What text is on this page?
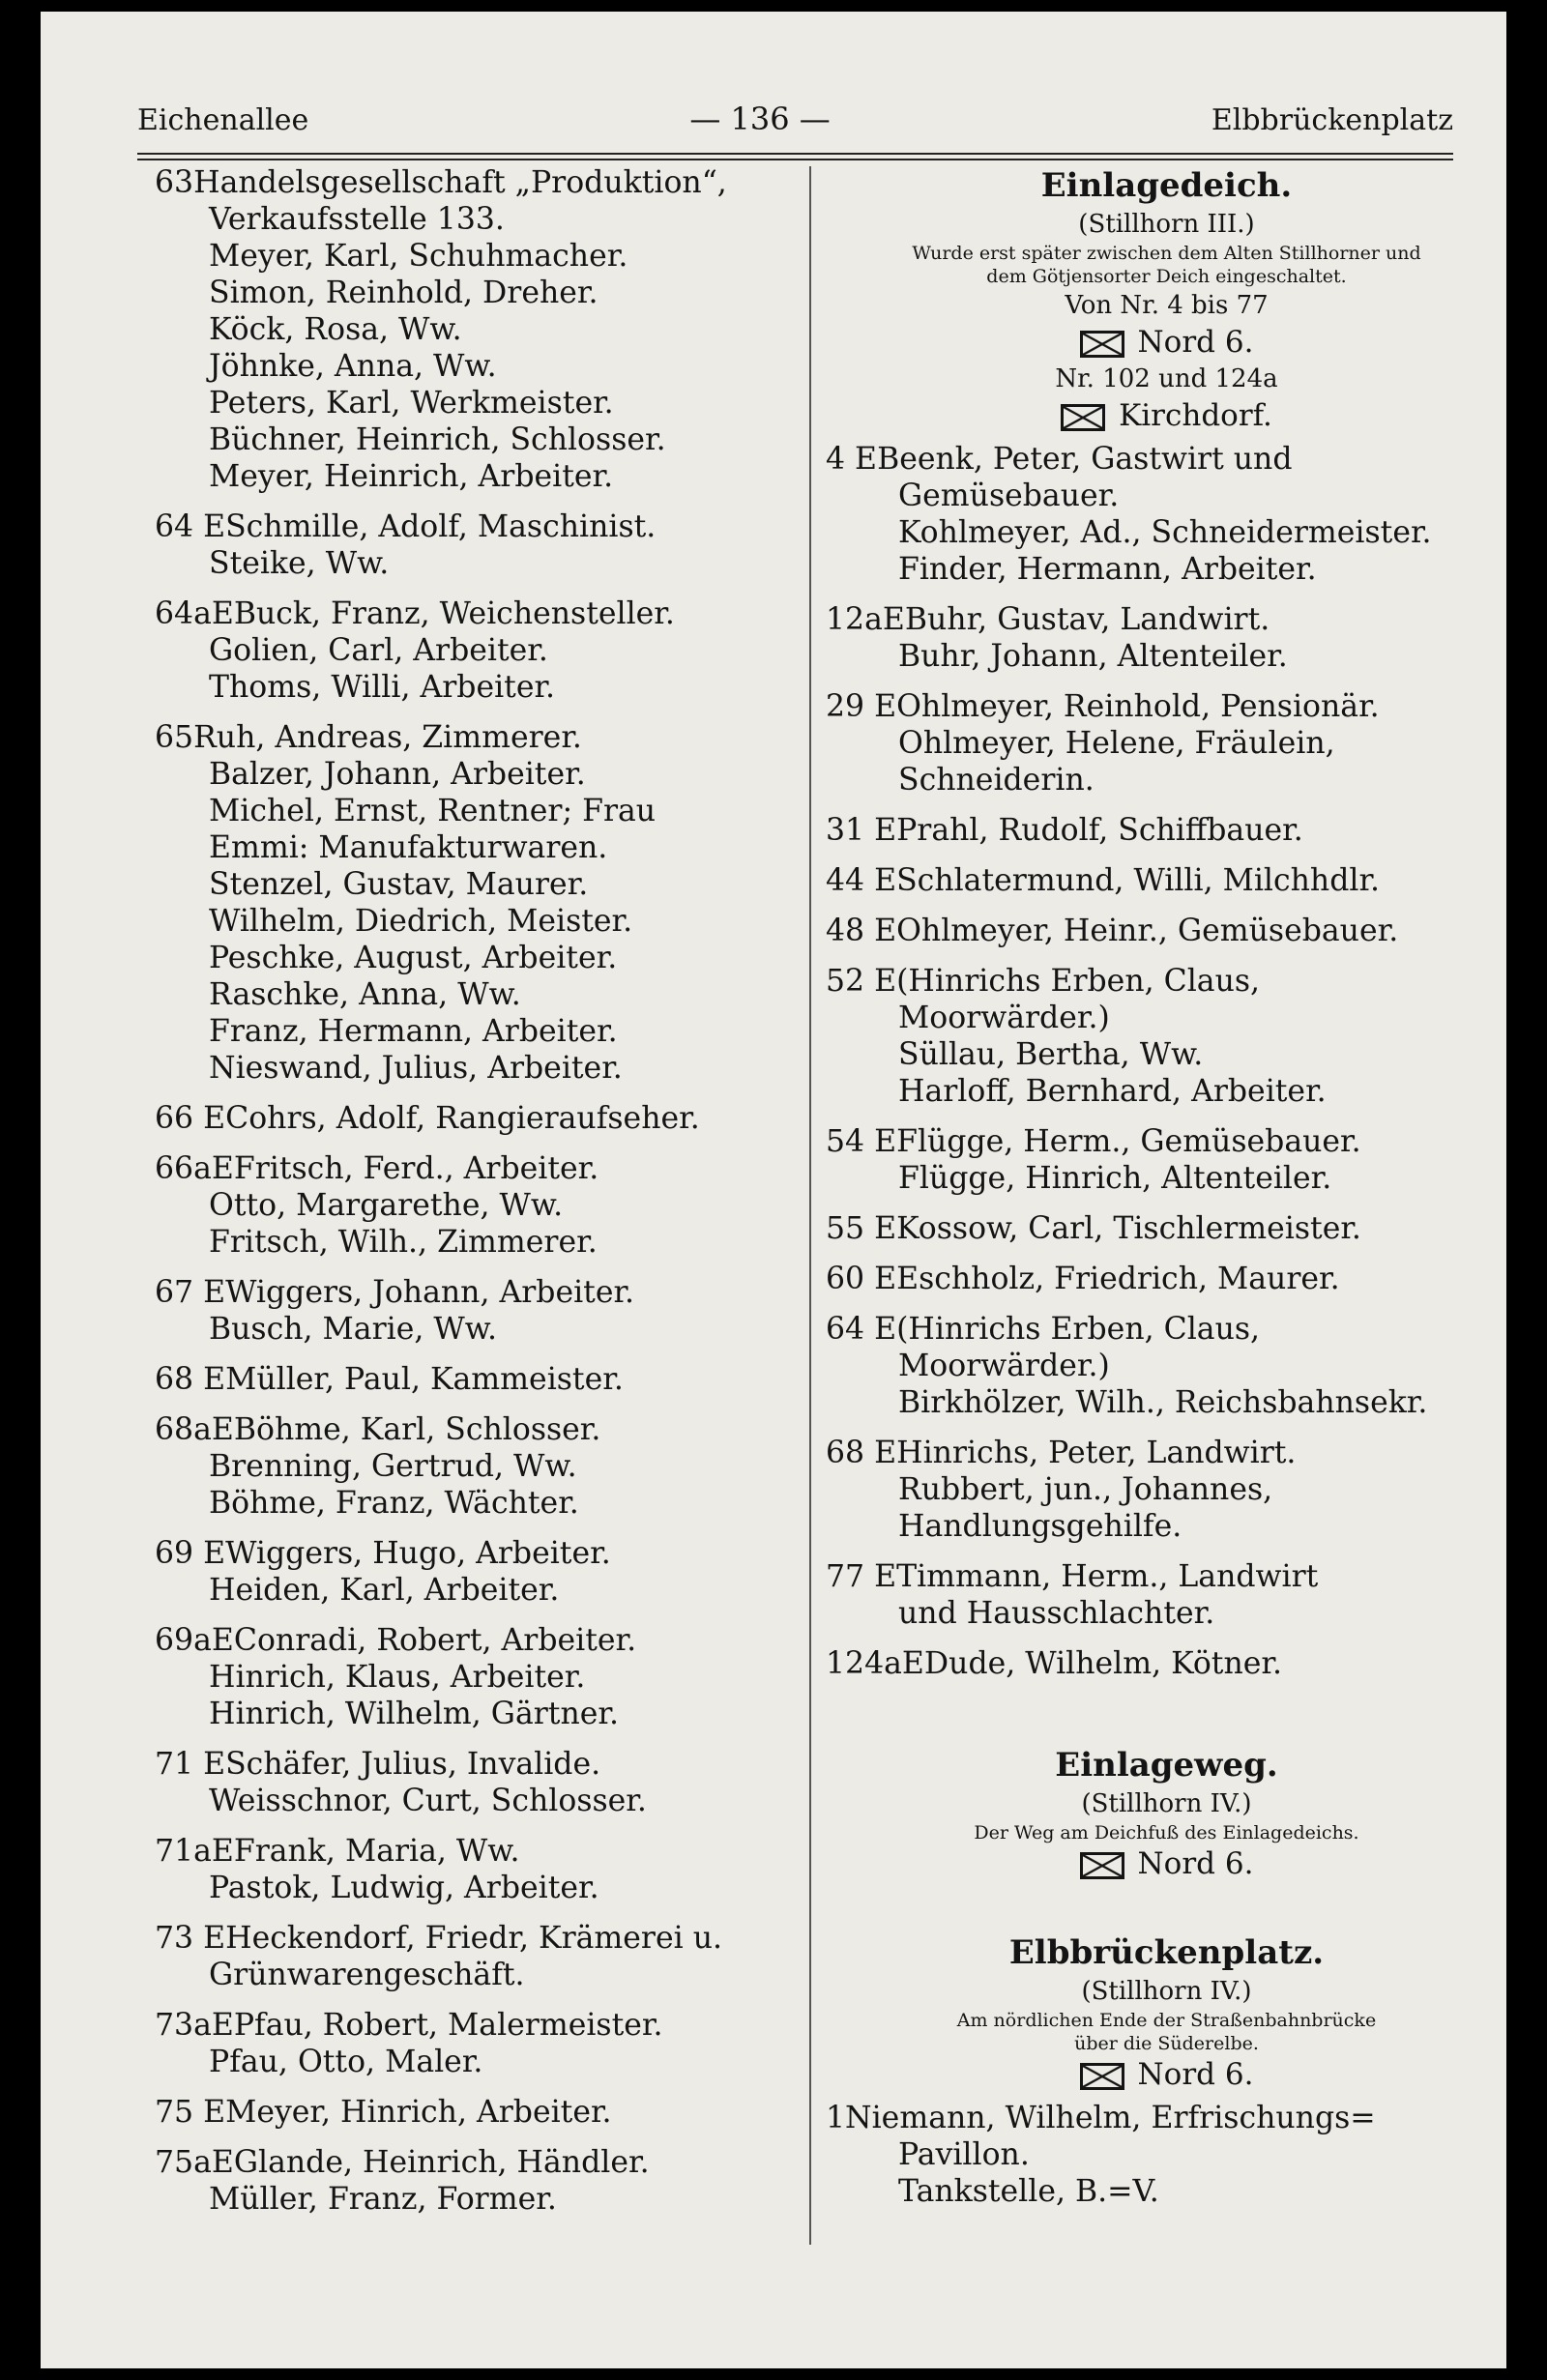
Eichenallee	— 136 —	Elbbrückenplatz
63Handelsgesellschaft „Produktion“,
Verkaufsstelle 133.
Meyer, Karl, Schuhmacher.
Simon, Reinhold, Dreher.
Köck, Rosa, Ww.
Jöhnke, Anna, Ww.
Peters, Karl, Werkmeister.
Büchner, Heinrich, Schlosser.
Meyer, Heinrich, Arbeiter.
64 ESchmille, Adolf, Maschinist.
Steike, Ww.
64aEBuck, Franz, Weichensteller.
Golien, Carl, Arbeiter.
Thoms, Willi, Arbeiter.
65Ruh, Andreas, Zimmerer.
Balzer, Johann, Arbeiter.
Michel, Ernst, Rentner; Frau
Emmi: Manufakturwaren.
Stenzel, Gustav, Maurer.
Wilhelm, Diedrich, Meister.
Peschke, August, Arbeiter.
Raschke, Anna, Ww.
Franz, Hermann, Arbeiter.
Nieswand, Julius, Arbeiter.
66 ECohrs, Adolf, Rangieraufseher.
66aEFritsch, Ferd., Arbeiter.
Otto, Margarethe, Ww.
Fritsch, Wilh., Zimmerer.
67 EWiggers, Johann, Arbeiter.
Busch, Marie, Ww.
68 EMüller, Paul, Kammeister.
68aEBöhme, Karl, Schlosser.
Brenning, Gertrud, Ww.
Böhme, Franz, Wächter.
69 EWiggers, Hugo, Arbeiter.
Heiden, Karl, Arbeiter.
69aEConradi, Robert, Arbeiter.
Hinrich, Klaus, Arbeiter.
Hinrich, Wilhelm, Gärtner.
71 ESchäfer, Julius, Invalide.
Weisschnor, Curt, Schlosser.
71aEFrank, Maria, Ww.
Pastok, Ludwig, Arbeiter.
73 EHeckendorf, Friedr, Krämerei u.
Grünwarengeschäft.
73aEPfau, Robert, Malermeister.
Pfau, Otto, Maler.
75 EMeyer, Hinrich, Arbeiter.
75aEGlande, Heinrich, Händler.
Müller, Franz, Former.
Einlagedeich.
(Stillhorn III.)
Wurde erst später zwischen dem Alten Stillhorner und
dem Götjensorter Deich eingeschaltet.
Von Nr. 4 bis 77
Nord 6.
Nr. 102 und 124a
Kirchdorf.
4 EBeenk, Peter, Gastwirt und
Gemüsebauer.
Kohlmeyer, Ad., Schneidermeister.
Finder, Hermann, Arbeiter.
12aEBuhr, Gustav, Landwirt.
Buhr, Johann, Altenteiler.
29 EOhlmeyer, Reinhold, Pensionär.
Ohlmeyer, Helene, Fräulein,
Schneiderin.
31 EPrahl, Rudolf, Schiffbauer.
44 ESchlatermund, Willi, Milchhdlr.
48 EOhlmeyer, Heinr., Gemüsebauer.
52 E(Hinrichs Erben, Claus,
Moorwärder.)
Süllau, Bertha, Ww.
Harloff, Bernhard, Arbeiter.
54 EFlügge, Herm., Gemüsebauer.
Flügge, Hinrich, Altenteiler.
55 EKossow, Carl, Tischlermeister.
60 EEschholz, Friedrich, Maurer.
64 E(Hinrichs Erben, Claus,
Moorwärder.)
Birkhölzer, Wilh., Reichsbahnsekr.
68 EHinrichs, Peter, Landwirt.
Rubbert, jun., Johannes,
Handlungsgehilfe.
77 ETimmann, Herm., Landwirt
und Hausschlachter.
124aEDude, Wilhelm, Kötner.
Einlageweg.
(Stillhorn IV.)
Der Weg am Deichfuß des Einlagedeichs.
Nord 6.
Elbbrückenplatz.
(Stillhorn IV.)
Am nördlichen Ende der Straßenbahnbrücke
über die Süderelbe.
Nord 6.
1Niemann, Wilhelm, Erfrischungs=
Pavillon.
Tankstelle, B.=V.
